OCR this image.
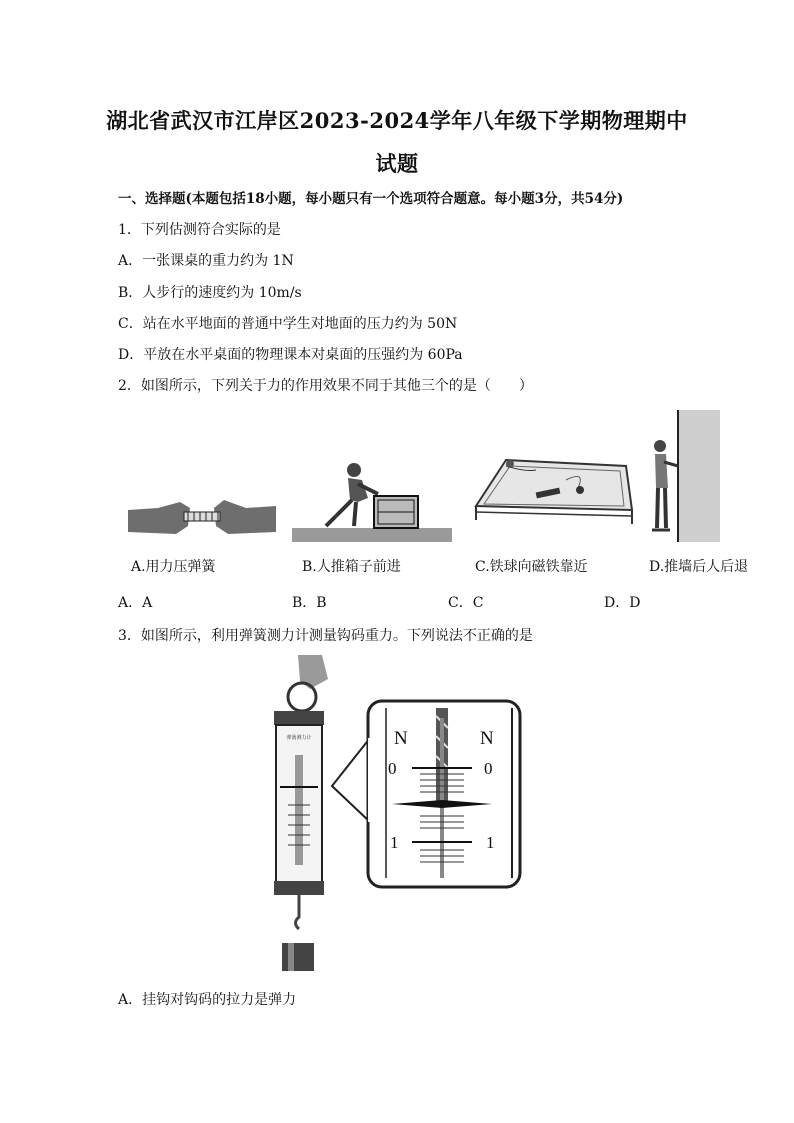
湖北省武汉市江岸区2023-2024学年八年级下学期物理期中
试题
一、选择题(本题包括18小题，每小题只有一个选项符合题意。每小题3分，共54分)
1．下列估测符合实际的是
A．一张课桌的重力约为 1N
B．人步行的速度约为 10m/s
C．站在水平地面的普通中学生对地面的压力约为 50N
D．平放在水平桌面的物理课本对桌面的压强约为 60Pa
2．如图所示，下列关于力的作用效果不同于其他三个的是（　　）
A.用力压弹簧	B.人推箱子前进	C.铁球向磁铁靠近	D.推墙后人后退
A．A	B．B	C．C	D．D
3．如图所示，利用弹簧测力计测量钩码重力。下列说法不正确的是
弹簧测力计	N	N
0	0
1	1
A．挂钩对钩码的拉力是弹力
